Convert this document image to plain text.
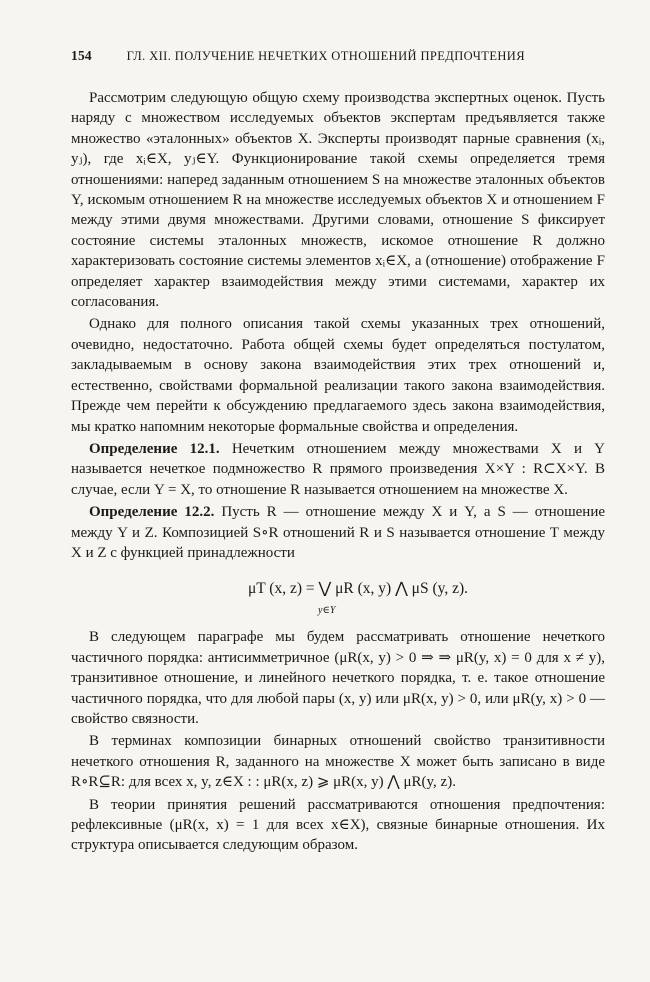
154	ГЛ. XII. ПОЛУЧЕНИЕ НЕЧЕТКИХ ОТНОШЕНИЙ ПРЕДПОЧТЕНИЯ

Рассмотрим следующую общую схему производства экспертных оценок. Пусть наряду с множеством исследуемых объектов экспертам предъявляется также множество «эталонных» объектов X. Эксперты производят парные сравнения (xᵢ, yⱼ), где xᵢ∈X, yⱼ∈Y. Функционирование такой схемы определяется тремя отношениями: наперед заданным отношением S на множестве эталонных объектов Y, искомым отношением R на множестве исследуемых объектов X и отношением F между этими двумя множествами. Другими словами, отношение S фиксирует состояние системы эталонных множеств, искомое отношение R должно характеризовать состояние системы элементов xᵢ∈X, а (отношение) отображение F определяет характер взаимодействия между этими системами, характер их согласования.

Однако для полного описания такой схемы указанных трех отношений, очевидно, недостаточно. Работа общей схемы будет определяться постулатом, закладываемым в основу закона взаимодействия этих трех отношений и, естественно, свойствами формальной реализации такого закона взаимодействия. Прежде чем перейти к обсуждению предлагаемого здесь закона взаимодействия, мы кратко напомним некоторые формальные свойства и определения.

Определение 12.1. Нечетким отношением между множествами X и Y называется нечеткое подмножество R прямого произведения X×Y : R⊂X×Y. В случае, если Y = X, то отношение R называется отношением на множестве X.

Определение 12.2. Пусть R — отношение между X и Y, а S — отношение между Y и Z. Композицией S∘R отношений R и S называется отношение T между X и Z с функцией принадлежности

μT (x, z) = ⋁ μR (x, y) ⋀ μS (y, z).
y∈Y

В следующем параграфе мы будем рассматривать отношение нечеткого частичного порядка: антисимметричное (μR(x, y) > 0 ⇒ ⇒ μR(y, x) = 0 для x ≠ y), транзитивное отношение, и линейного нечеткого порядка, т. е. такое отношение частичного порядка, что для любой пары (x, y) или μR(x, y) > 0, или μR(y, x) > 0 — свойство связности.

В терминах композиции бинарных отношений свойство транзитивности нечеткого отношения R, заданного на множестве X может быть записано в виде R∘R⊆R: для всех x, y, z∈X : : μR(x, z) ⩾ μR(x, y) ⋀ μR(y, z).

В теории принятия решений рассматриваются отношения предпочтения: рефлексивные (μR(x, x) = 1 для всех x∈X), связные бинарные отношения. Их структура описывается следующим образом.
